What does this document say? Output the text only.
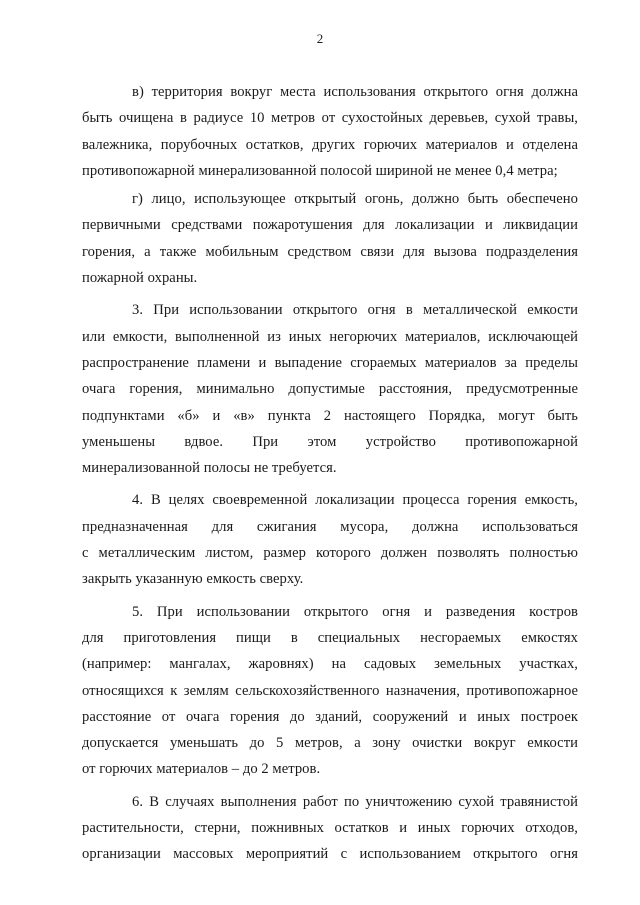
2
в) территория вокруг места использования открытого огня должна
быть очищена в радиусе 10 метров от сухостойных деревьев, сухой травы,
валежника, порубочных остатков, других горючих материалов и отделена
противопожарной минерализованной полосой шириной не менее 0,4 метра;
г) лицо, использующее открытый огонь, должно быть обеспечено
первичными средствами пожаротушения для локализации и ликвидации
горения, а также мобильным средством связи для вызова подразделения
пожарной охраны.
3. При использовании открытого огня в металлической емкости
или емкости, выполненной из иных негорючих материалов, исключающей
распространение пламени и выпадение сгораемых материалов за пределы
очага горения, минимально допустимые расстояния, предусмотренные
подпунктами «б» и «в» пункта 2 настоящего Порядка, могут быть
уменьшены вдвое. При этом устройство противопожарной
минерализованной полосы не требуется.
4. В целях своевременной локализации процесса горения емкость,
предназначенная для сжигания мусора, должна использоваться
с металлическим листом, размер которого должен позволять полностью
закрыть указанную емкость сверху.
5. При использовании открытого огня и разведения костров
для приготовления пищи в специальных несгораемых емкостях
(например: мангалах, жаровнях) на садовых земельных участках,
относящихся к землям сельскохозяйственного назначения, противопожарное
расстояние от очага горения до зданий, сооружений и иных построек
допускается уменьшать до 5 метров, а зону очистки вокруг емкости
от горючих материалов – до 2 метров.
6. В случаях выполнения работ по уничтожению сухой травянистой
растительности, стерни, пожнивных остатков и иных горючих отходов,
организации массовых мероприятий с использованием открытого огня
